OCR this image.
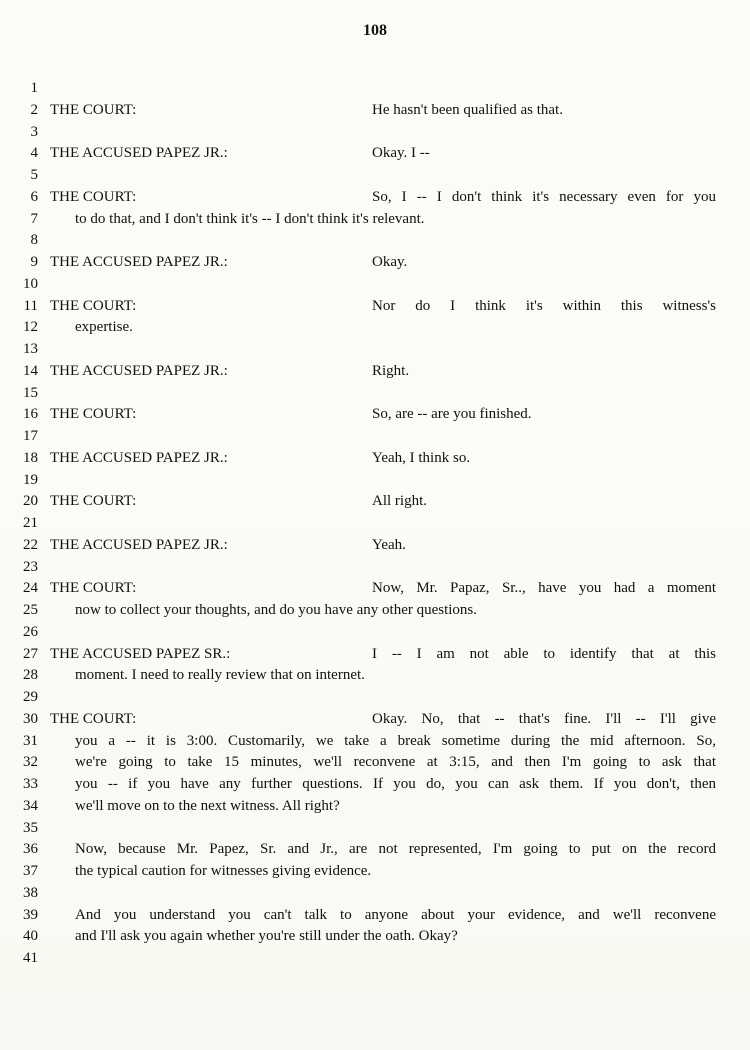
108
1
2 THE COURT:	He hasn't been qualified as that.
3
4 THE ACCUSED PAPEZ JR.:	Okay. I --
5
6 THE COURT:	So, I -- I don't think it's necessary even for you
7 to do that, and I don't think it's -- I don't think it's relevant.
8
9 THE ACCUSED PAPEZ JR.:	Okay.
10
11 THE COURT:	Nor do I think it's within this witness's
12 expertise.
13
14 THE ACCUSED PAPEZ JR.:	Right.
15
16 THE COURT:	So, are -- are you finished.
17
18 THE ACCUSED PAPEZ JR.:	Yeah, I think so.
19
20 THE COURT:	All right.
21
22 THE ACCUSED PAPEZ JR.:	Yeah.
23
24 THE COURT:	Now, Mr. Papaz, Sr.., have you had a moment
25 now to collect your thoughts, and do you have any other questions.
26
27 THE ACCUSED PAPEZ SR.:	I -- I am not able to identify that at this
28 moment. I need to really review that on internet.
29
30 THE COURT:	Okay. No, that -- that's fine. I'll -- I'll give
31 you a -- it is 3:00. Customarily, we take a break sometime during the mid afternoon. So,
32 we're going to take 15 minutes, we'll reconvene at 3:15, and then I'm going to ask that
33 you -- if you have any further questions. If you do, you can ask them. If you don't, then
34 we'll move on to the next witness. All right?
35
36 Now, because Mr. Papez, Sr. and Jr., are not represented, I'm going to put on the record
37 the typical caution for witnesses giving evidence.
38
39 And you understand you can't talk to anyone about your evidence, and we'll reconvene
40 and I'll ask you again whether you're still under the oath. Okay?
41
